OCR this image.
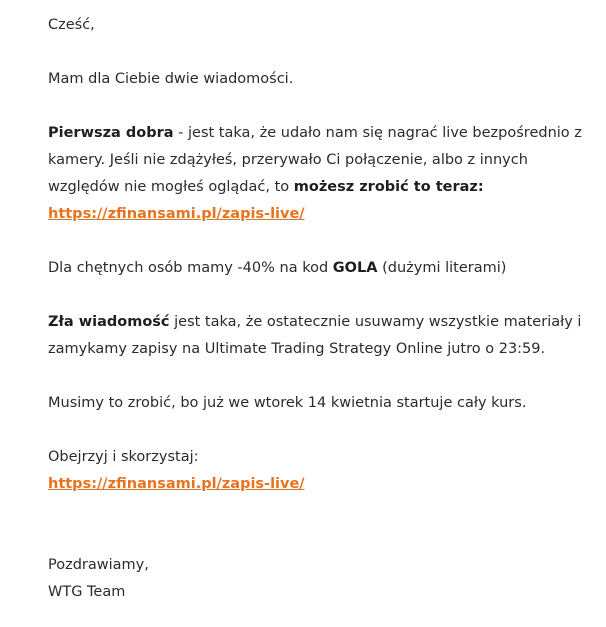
Cześć,
Mam dla Ciebie dwie wiadomości.
Pierwsza dobra - jest taka, że udało nam się nagrać live bezpośrednio z
kamery. Jeśli nie zdążyłeś, przerywało Ci połączenie, albo z innych
względów nie mogłeś oglądać, to możesz zrobić to teraz:
https://zfinansami.pl/zapis-live/
Dla chętnych osób mamy -40% na kod GOLA (dużymi literami)
Zła wiadomość jest taka, że ostatecznie usuwamy wszystkie materiały i
zamykamy zapisy na Ultimate Trading Strategy Online jutro o 23:59.
Musimy to zrobić, bo już we wtorek 14 kwietnia startuje cały kurs.
Obejrzyj i skorzystaj:
https://zfinansami.pl/zapis-live/
Pozdrawiamy,
WTG Team
